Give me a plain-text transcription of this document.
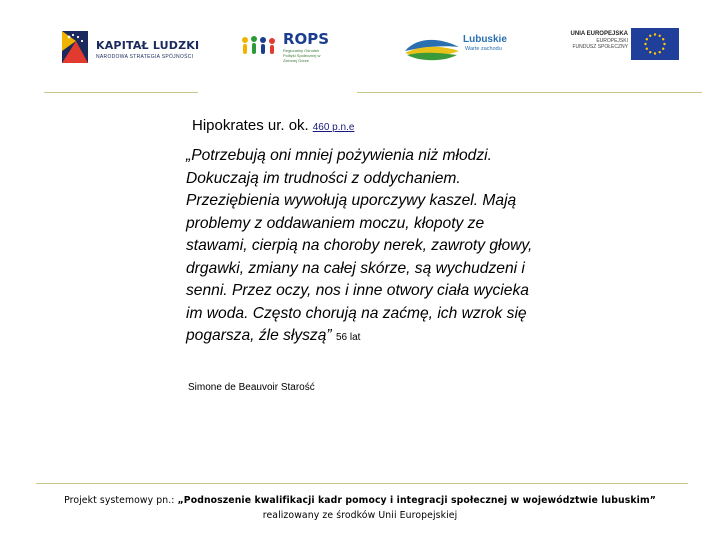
KAPITAŁ LUDZKI
NARODOWA STRATEGIA SPÓJNOŚCI
ROPS
Regionalny Ośrodek Polityki Społecznej w Zielonej Górze
Lubuskie
Warte zachodu
UNIA EUROPEJSKA
EUROPEJSKI
FUNDUSZ SPOŁECZNY
Hipokrates ur. ok. 460 p.n.e
„Potrzebują oni mniej pożywienia niż młodzi. Dokuczają im trudności z oddychaniem. Przeziębienia wywołują uporczywy kaszel. Mają problemy z oddawaniem moczu, kłopoty ze stawami, cierpią na choroby nerek, zawroty głowy, drgawki, zmiany na całej skórze, są wychudzeni i senni. Przez oczy, nos i inne otwory ciała wycieka im woda. Często chorują na zaćmę, ich wzrok się pogarsza, źle słyszą” 56 lat
Simone de Beauvoir Starość
Projekt systemowy pn.: „Podnoszenie kwalifikacji kadr pomocy i integracji społecznej w województwie lubuskim”
realizowany ze środków Unii Europejskiej
